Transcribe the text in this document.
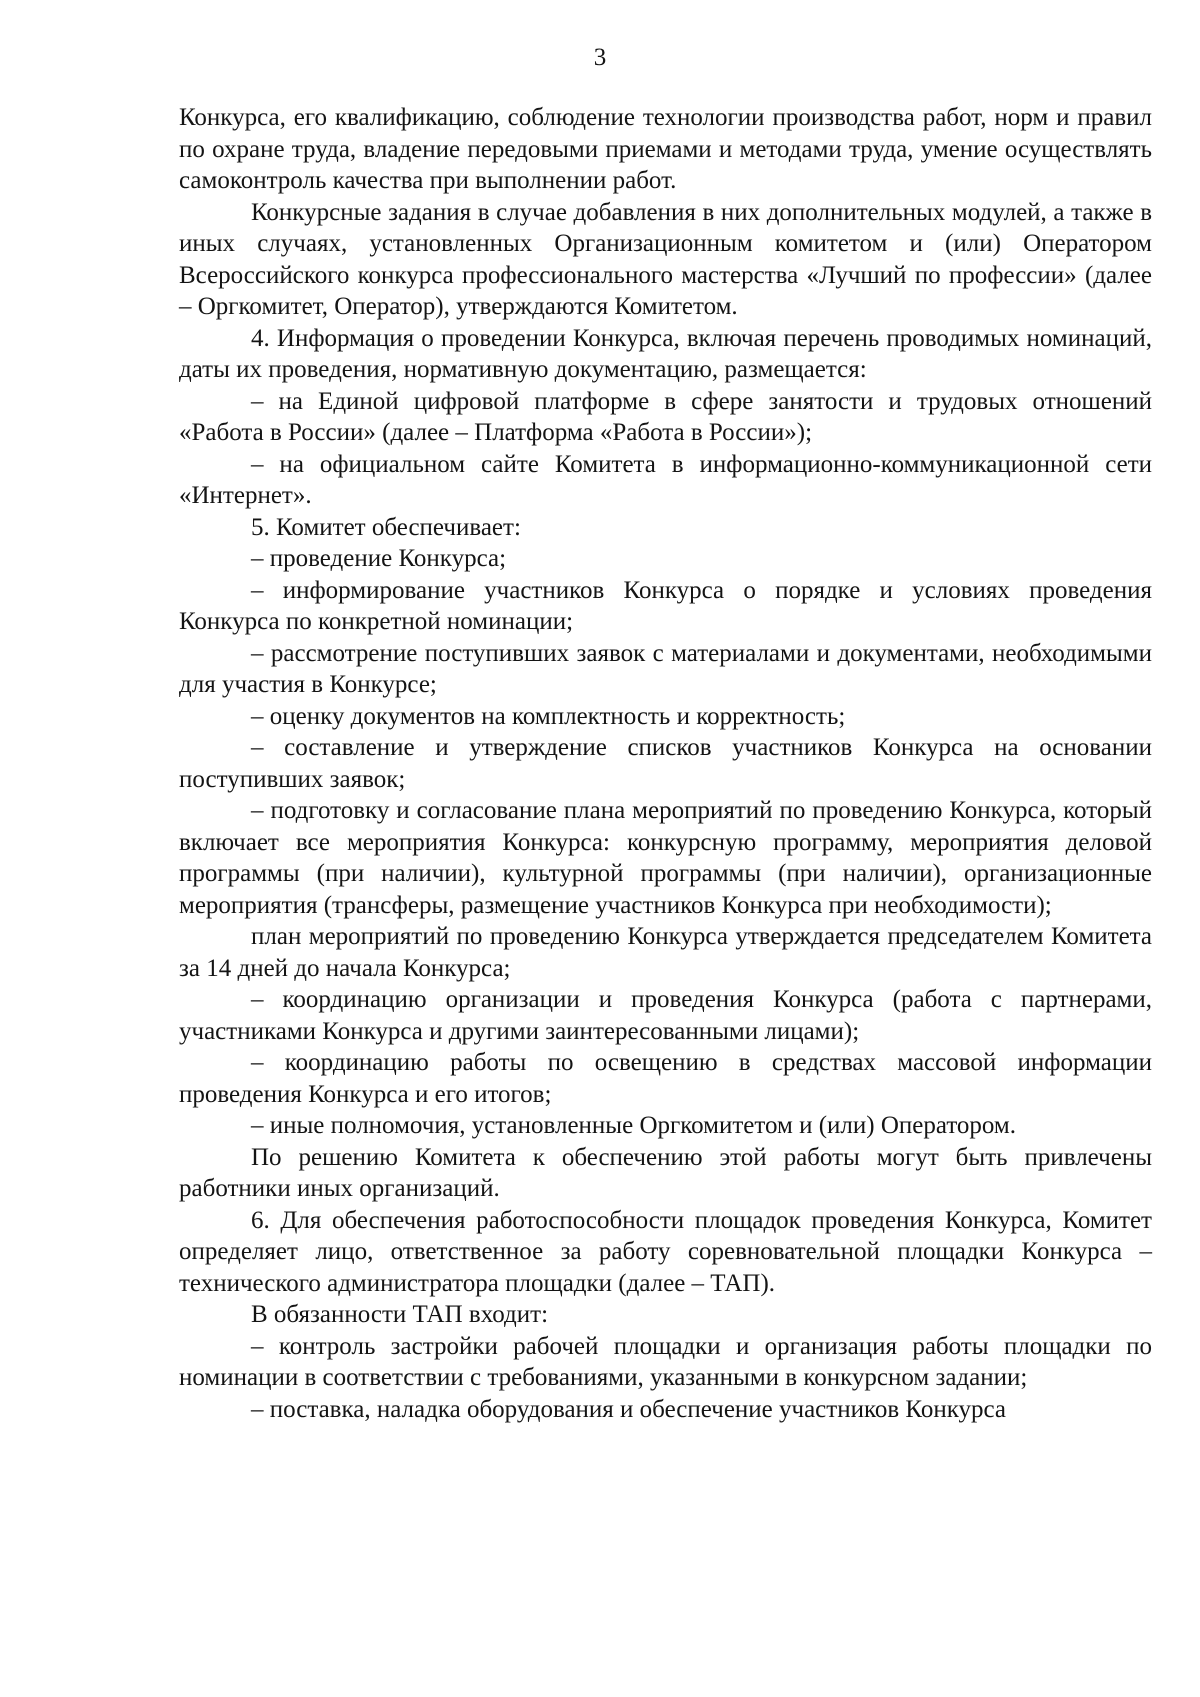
3

Конкурса, его квалификацию, соблюдение технологии производства работ, норм и правил по охране труда, владение передовыми приемами и методами труда, умение осуществлять самоконтроль качества при выполнении работ.

Конкурсные задания в случае добавления в них дополнительных модулей, а также в иных случаях, установленных Организационным комитетом и (или) Оператором Всероссийского конкурса профессионального мастерства «Лучший по профессии» (далее – Оргкомитет, Оператор), утверждаются Комитетом.

4. Информация о проведении Конкурса, включая перечень проводимых номинаций, даты их проведения, нормативную документацию, размещается:

– на Единой цифровой платформе в сфере занятости и трудовых отношений «Работа в России» (далее – Платформа «Работа в России»);

– на официальном сайте Комитета в информационно-коммуникационной сети «Интернет».

5. Комитет обеспечивает:

– проведение Конкурса;

– информирование участников Конкурса о порядке и условиях проведения Конкурса по конкретной номинации;

– рассмотрение поступивших заявок с материалами и документами, необходимыми для участия в Конкурсе;

– оценку документов на комплектность и корректность;

– составление и утверждение списков участников Конкурса на основании поступивших заявок;

– подготовку и согласование плана мероприятий по проведению Конкурса, который включает все мероприятия Конкурса: конкурсную программу, мероприятия деловой программы (при наличии), культурной программы (при наличии), организационные мероприятия (трансферы, размещение участников Конкурса при необходимости);

план мероприятий по проведению Конкурса утверждается председателем Комитета за 14 дней до начала Конкурса;

– координацию организации и проведения Конкурса (работа с партнерами, участниками Конкурса и другими заинтересованными лицами);

– координацию работы по освещению в средствах массовой информации проведения Конкурса и его итогов;

– иные полномочия, установленные Оргкомитетом и (или) Оператором.

По решению Комитета к обеспечению этой работы могут быть привлечены работники иных организаций.

6. Для обеспечения работоспособности площадок проведения Конкурса, Комитет определяет лицо, ответственное за работу соревновательной площадки Конкурса – технического администратора площадки (далее – ТАП).

В обязанности ТАП входит:

– контроль застройки рабочей площадки и организация работы площадки по номинации в соответствии с требованиями, указанными в конкурсном задании;

– поставка, наладка оборудования и обеспечение участников Конкурса
